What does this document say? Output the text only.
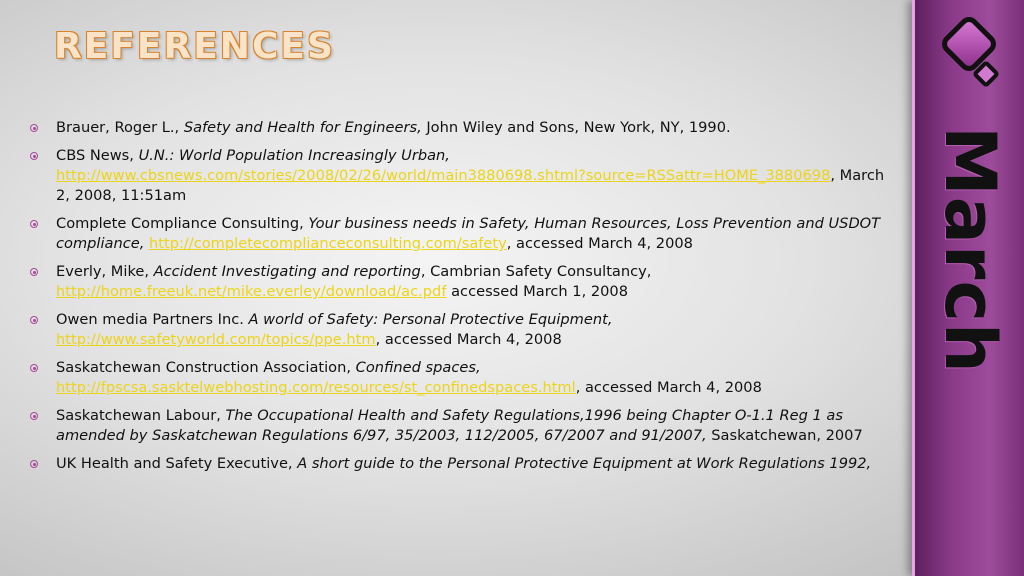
REFERENCES
Brauer, Roger L., Safety and Health for Engineers, John Wiley and Sons, New York, NY, 1990.
CBS News, U.N.: World Population Increasingly Urban, http://www.cbsnews.com/stories/2008/02/26/world/main3880698.shtml?source=RSSattr=HOME_3880698, March 2, 2008, 11:51am
Complete Compliance Consulting, Your business needs in Safety, Human Resources, Loss Prevention and USDOT compliance, http://completecomplianceconsulting.com/safety, accessed March 4, 2008
Everly, Mike, Accident Investigating and reporting, Cambrian Safety Consultancy, http://home.freeuk.net/mike.everley/download/ac.pdf accessed March 1, 2008
Owen media Partners Inc. A world of Safety: Personal Protective Equipment, http://www.safetyworld.com/topics/ppe.htm, accessed March 4, 2008
Saskatchewan Construction Association, Confined spaces, http://fpscsa.sasktelwebhosting.com/resources/st_confinedspaces.html, accessed March 4, 2008
Saskatchewan Labour, The Occupational Health and Safety Regulations,1996 being Chapter O-1.1 Reg 1 as amended by Saskatchewan Regulations 6/97, 35/2003, 112/2005, 67/2007 and 91/2007, Saskatchewan, 2007
UK Health and Safety Executive, A short guide to the Personal Protective Equipment at Work Regulations 1992,
March
